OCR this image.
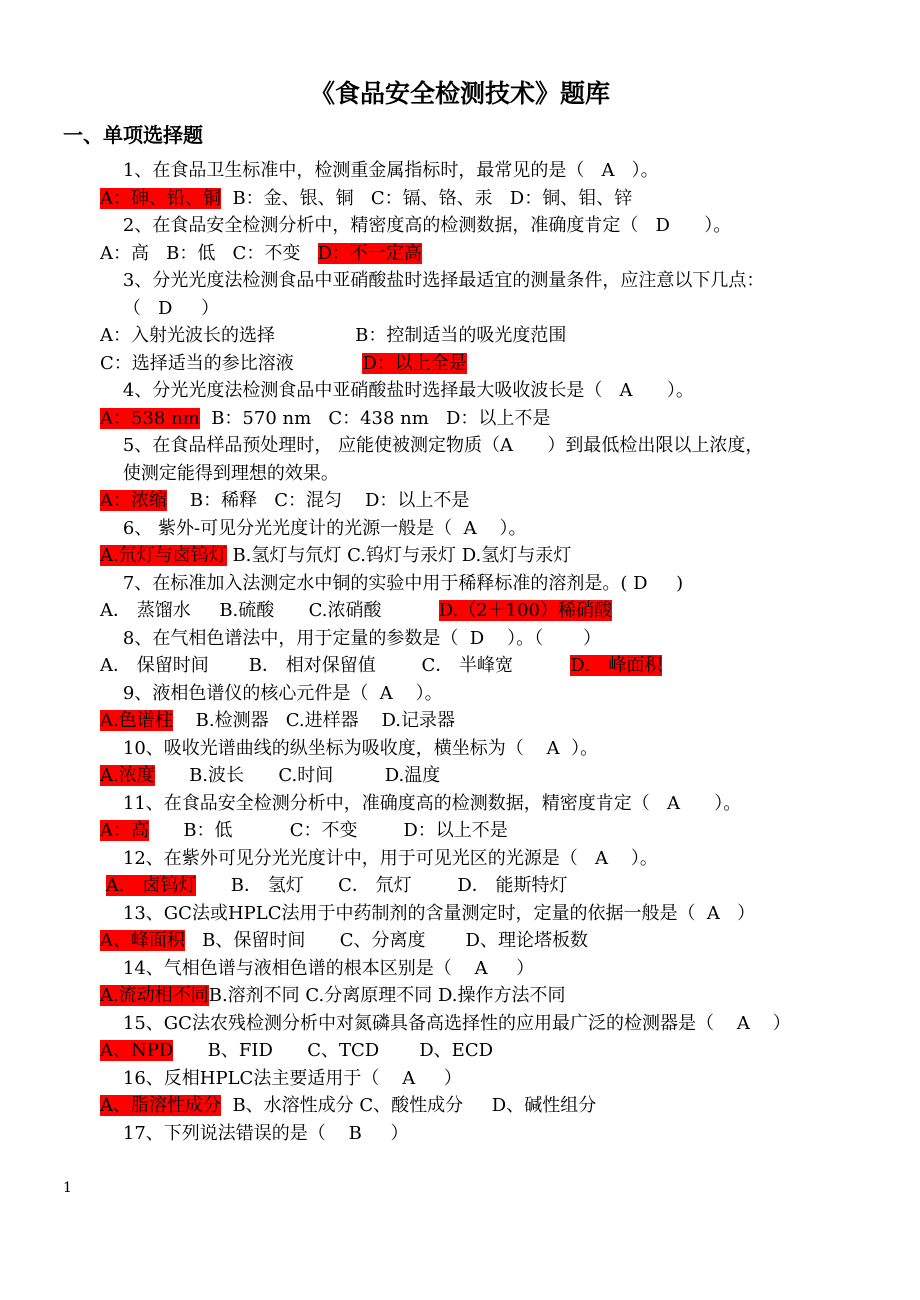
《食品安全检测技术》题库
一、单项选择题
1、在食品卫生标准中，检测重金属指标时，最常见的是（   A   ）。
A：砷、铅、铜  B：金、银、铜   C：镉、铬、汞   D：铜、钼、锌
2、在食品安全检测分析中，精密度高的检测数据，准确度肯定（   D      ）。
A：高   B：低   C：不变   D：不一定高
3、分光光度法检测食品中亚硝酸盐时选择最适宜的测量条件，应注意以下几点：
（   D     ）
A：入射光波长的选择              B：控制适当的吸光度范围
C：选择适当的参比溶液            D：以上全是
4、分光光度法检测食品中亚硝酸盐时选择最大吸收波长是（   A      ）。
A：538 nm  B：570 nm   C：438 nm   D：以上不是
5、在食品样品预处理时， 应能使被测定物质（A      ）到最低检出限以上浓度，
使测定能得到理想的效果。
A：浓缩    B：稀释   C：混匀    D：以上不是
6、 紫外-可见分光光度计的光源一般是（  A    ）。
A.氘灯与卤钨灯 B.氢灯与氘灯 C.钨灯与汞灯 D.氢灯与汞灯
7、在标准加入法测定水中铜的实验中用于稀释标准的溶剂是。( D     )
A． 蒸馏水     B.硫酸      C.浓硝酸          D.（2＋100）稀硝酸
8、在气相色谱法中，用于定量的参数是（  D    ）。（       ）
A． 保留时间       B． 相对保留值        C． 半峰宽          D． 峰面积
9、液相色谱仪的核心元件是（  A    ）。
A.色谱柱    B.检测器   C.进样器    D.记录器
10、吸收光谱曲线的纵坐标为吸收度，横坐标为（    A  ）。
A.浓度      B.波长      C.时间         D.温度
11、在食品安全检测分析中，准确度高的检测数据，精密度肯定（   A      ）。
A：高      B：低          C：不变        D：以上不是
12、在紫外可见分光光度计中，用于可见光区的光源是（   A    ）。
A． 卤钨灯      B． 氢灯      C． 氘灯        D． 能斯特灯
13、GC法或HPLC法用于中药制剂的含量测定时，定量的依据一般是（  A   ）
A、峰面积   B、保留时间      C、分离度       D、理论塔板数
14、气相色谱与液相色谱的根本区别是（    A     ）
A.流动相不同B.溶剂不同 C.分离原理不同 D.操作方法不同
15、GC法农残检测分析中对氮磷具备高选择性的应用最广泛的检测器是（    A    ）
A、NPD      B、FID      C、TCD       D、ECD
16、反相HPLC法主要适用于（    A     ）
A、脂溶性成分  B、水溶性成分 C、酸性成分     D、碱性组分
17、下列说法错误的是（    B     ）
1
